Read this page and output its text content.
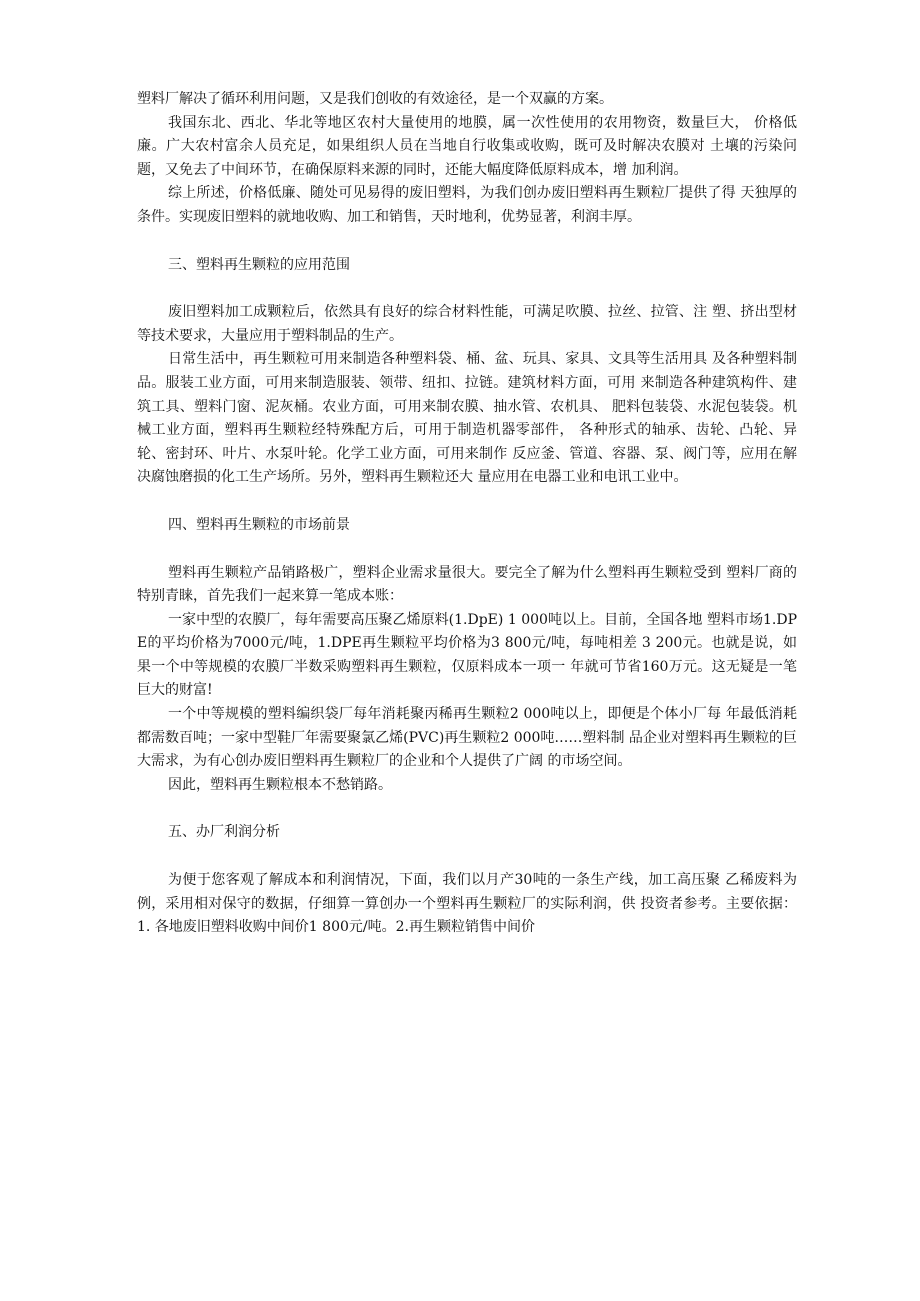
塑料厂解决了循环利用问题，又是我们创收的有效途径，是一个双赢的方案。

我国东北、西北、华北等地区农村大量使用的地膜，属一次性使用的农用物资，数量巨大， 价格低廉。广大农村富余人员充足，如果组织人员在当地自行收集或收购，既可及时解决农膜对 土壤的污染问题，又免去了中间环节，在确保原料来源的同时，还能大幅度降低原料成本，增 加利润。

综上所述，价格低廉、随处可见易得的废旧塑料，为我们创办废旧塑料再生颗粒厂提供了得 天独厚的条件。实现废旧塑料的就地收购、加工和销售，天时地利，优势显著，利润丰厚。

三、塑料再生颗粒的应用范围

废旧塑料加工成颗粒后，依然具有良好的综合材料性能，可满足吹膜、拉丝、拉管、注 塑、挤出型材等技术要求，大量应用于塑料制品的生产。

日常生活中，再生颗粒可用来制造各种塑料袋、桶、盆、玩具、家具、文具等生活用具 及各种塑料制品。服装工业方面，可用来制造服装、领带、纽扣、拉链。建筑材料方面，可用 来制造各种建筑构件、建筑工具、塑料门窗、泥灰桶。农业方面，可用来制农膜、抽水管、农机具、 肥料包装袋、水泥包装袋。机械工业方面，塑料再生颗粒经特殊配方后，可用于制造机器零部件， 各种形式的轴承、齿轮、凸轮、异轮、密封环、叶片、水泵叶轮。化学工业方面，可用来制作 反应釜、管道、容器、泵、阀门等，应用在解决腐蚀磨损的化工生产场所。另外，塑料再生颗粒还大 量应用在电器工业和电讯工业中。

四、塑料再生颗粒的市场前景

塑料再生颗粒产品销路极广，塑料企业需求量很大。要完全了解为什么塑料再生颗粒受到 塑料厂商的特别青睐，首先我们一起来算一笔成本账：

一家中型的农膜厂，每年需要高压聚乙烯原料(1.DpE) 1 000吨以上。目前，全国各地 塑料市场1.DPE的平均价格为7000元/吨，1.DPE再生颗粒平均价格为3 800元/吨，每吨相差 3 200元。也就是说，如果一个中等规模的农膜厂半数采购塑料再生颗粒，仅原料成本一项一 年就可节省160万元。这无疑是一笔巨大的财富!

一个中等规模的塑料编织袋厂每年消耗聚丙稀再生颗粒2 000吨以上，即便是个体小厂每 年最低消耗都需数百吨；一家中型鞋厂年需要聚氯乙烯(PVC)再生颗粒2 000吨……塑料制 品企业对塑料再生颗粒的巨大需求，为有心创办废旧塑料再生颗粒厂的企业和个人提供了广阔 的市场空间。

因此，塑料再生颗粒根本不愁销路。

五、办厂利润分析

为便于您客观了解成本和利润情况，下面，我们以月产30吨的一条生产线，加工高压聚 乙稀废料为例，采用相对保守的数据，仔细算一算创办一个塑料再生颗粒厂的实际利润，供 投资者参考。主要依据：1. 各地废旧塑料收购中间价1 800元/吨。2.再生颗粒销售中间价
